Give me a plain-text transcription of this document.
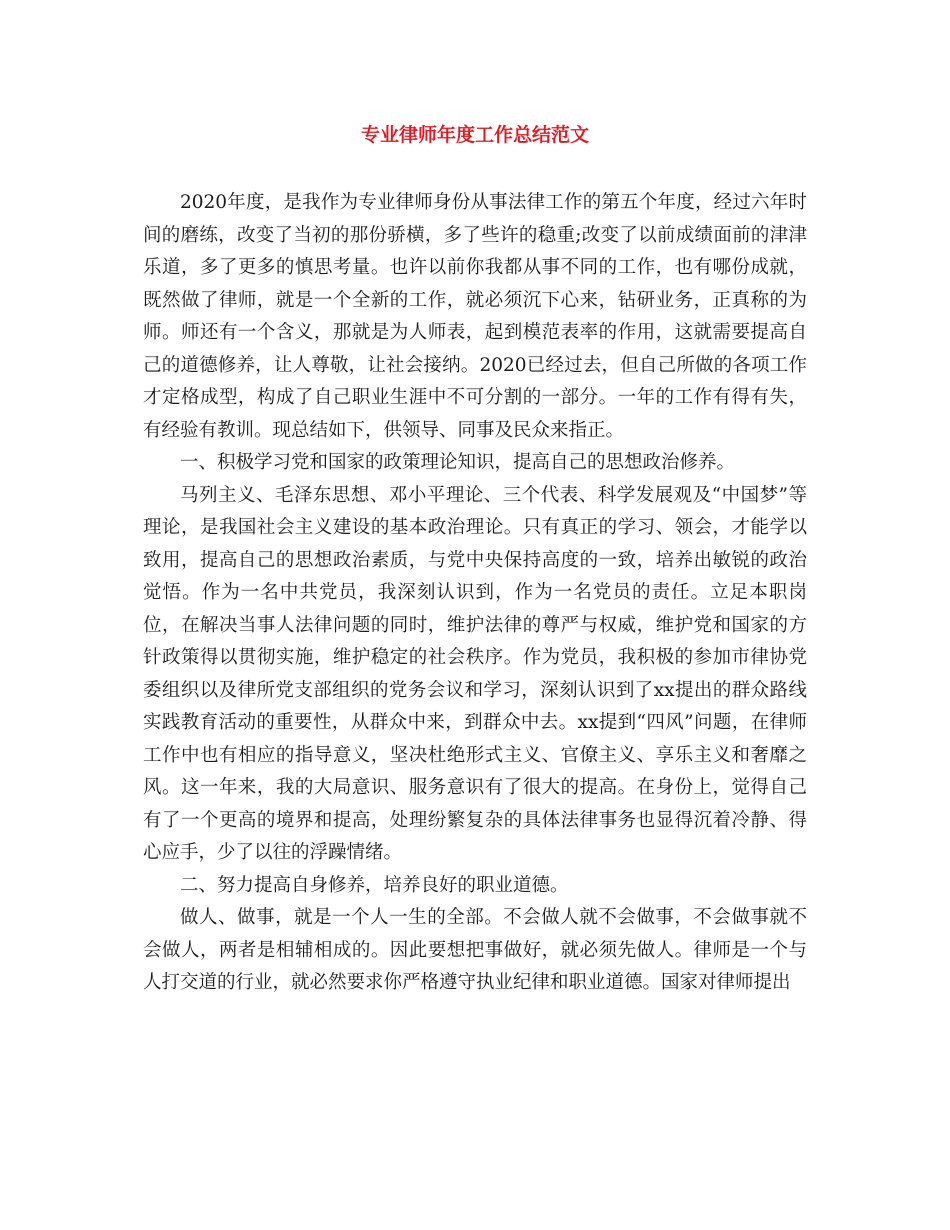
专业律师年度工作总结范文

2020年度，是我作为专业律师身份从事法律工作的第五个年度，经过六年时间的磨练，改变了当初的那份骄横，多了些许的稳重;改变了以前成绩面前的津津乐道，多了更多的慎思考量。也许以前你我都从事不同的工作，也有哪份成就，既然做了律师，就是一个全新的工作，就必须沉下心来，钻研业务，正真称的为师。师还有一个含义，那就是为人师表，起到模范表率的作用，这就需要提高自己的道德修养，让人尊敬，让社会接纳。2020已经过去，但自己所做的各项工作才定格成型，构成了自己职业生涯中不可分割的一部分。一年的工作有得有失，有经验有教训。现总结如下，供领导、同事及民众来指正。

一、积极学习党和国家的政策理论知识，提高自己的思想政治修养。

马列主义、毛泽东思想、邓小平理论、三个代表、科学发展观及“中国梦”等理论，是我国社会主义建设的基本政治理论。只有真正的学习、领会，才能学以致用，提高自己的思想政治素质，与党中央保持高度的一致，培养出敏锐的政治觉悟。作为一名中共党员，我深刻认识到，作为一名党员的责任。立足本职岗位，在解决当事人法律问题的同时，维护法律的尊严与权威，维护党和国家的方针政策得以贯彻实施，维护稳定的社会秩序。作为党员，我积极的参加市律协党委组织以及律所党支部组织的党务会议和学习，深刻认识到了xx提出的群众路线实践教育活动的重要性，从群众中来，到群众中去。xx提到“四风”问题，在律师工作中也有相应的指导意义，坚决杜绝形式主义、官僚主义、享乐主义和奢靡之风。这一年来，我的大局意识、服务意识有了很大的提高。在身份上，觉得自己有了一个更高的境界和提高，处理纷繁复杂的具体法律事务也显得沉着冷静、得心应手，少了以往的浮躁情绪。

二、努力提高自身修养，培养良好的职业道德。

做人、做事，就是一个人一生的全部。不会做人就不会做事，不会做事就不会做人，两者是相辅相成的。因此要想把事做好，就必须先做人。律师是一个与人打交道的行业，就必然要求你严格遵守执业纪律和职业道德。国家对律师提出
